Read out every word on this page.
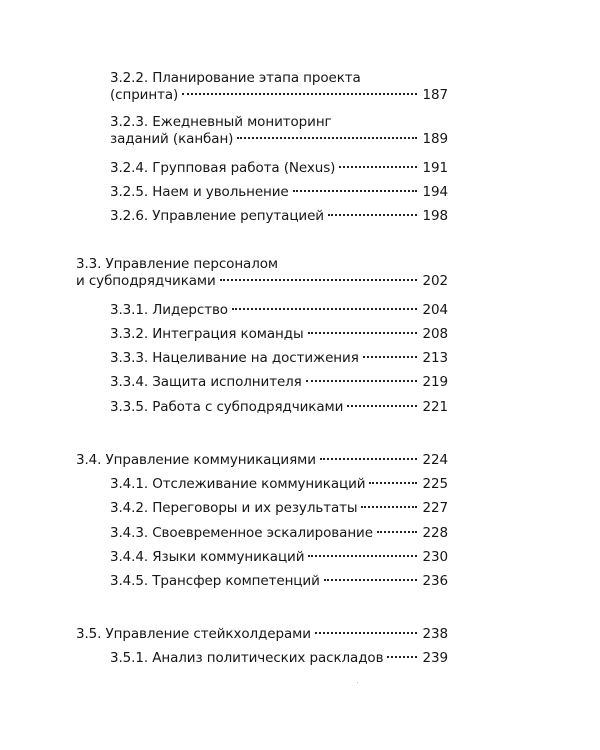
3.2.2. Планирование этапа проекта
(спринта)	187
3.2.3. Ежедневный мониторинг
заданий (канбан)	189
3.2.4. Групповая работа (Nexus)	191
3.2.5. Наем и увольнение	194
3.2.6. Управление репутацией	198
3.3. Управление персоналом
и субподрядчиками	202
3.3.1. Лидерство	204
3.3.2. Интеграция команды	208
3.3.3. Нацеливание на достижения	213
3.3.4. Защита исполнителя	219
3.3.5. Работа с субподрядчиками	221
3.4. Управление коммуникациями	224
3.4.1. Отслеживание коммуникаций	225
3.4.2. Переговоры и их результаты	227
3.4.3. Своевременное эскалирование	228
3.4.4. Языки коммуникаций	230
3.4.5. Трансфер компетенций	236
3.5. Управление стейкхолдерами	238
3.5.1. Анализ политических раскладов	239
